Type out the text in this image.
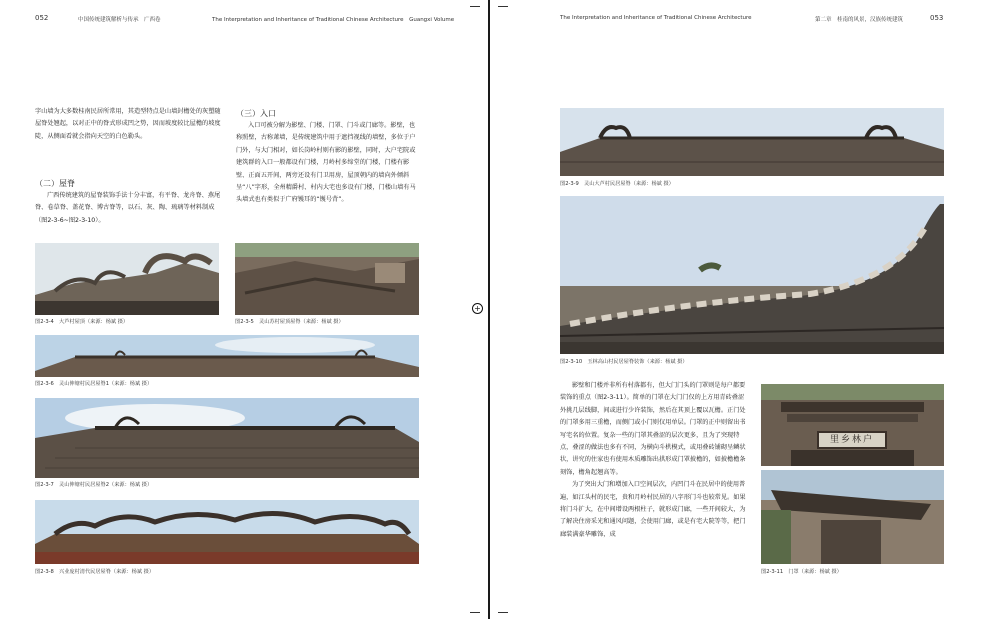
052	中国传统建筑解析与传承　广西卷	The Interpretation and Inheritance of Traditional Chinese Architecture　Guangxi Volume
字山墙为大多数桂南民居所常用，其造型特点是山墙封檐处的灰塑随屋脊处翘起，以对正中的脊式形成凹之势，因而坡度较比屋檐的坡度陡，从侧面看就会指向天空的白色勒头。
（二）屋脊

广西传统建筑的屋脊装饰手法十分丰富，有平脊、龙舟脊、燕尾脊、卷草脊、盖花脊、博古脊等，以石、灰、陶、琉璃等材料制成（图2-3-6~图2-3-10）。

（三）入口

入口可被分解为影壁、门楼、门罩、门斗或门廊等。影壁，也称照壁，古称萧墙，是传统建筑中用于遮挡视线的墙壁，多位于户门外，与大门相对，如长岗岭村则有影的影壁，同时，大户宅院或建筑群的入口一般都设有门楼，月岭村多缔堂的门楼，门楼有影壁、正面五开间，两旁还设有门卫用房，屋顶朝内的墙向外倾斜呈“八”字形，全州精爵村、村内大宅也多设有门楼，门楼山墙有马头墙式也有类似于广府镬耳的“镬号背”。

图2-3-4　大芦村屋顶（来源：杨斌 摄）	图2-3-5　灵山苏村屋顶屋脊（来源：杨斌 摄）
图2-3-6　灵山伸塘村民居屋脊1（来源：杨斌 摄）
图2-3-7　灵山伸塘村民居屋脊2（来源：杨斌 摄）
图2-3-8　兴业庞村清代民居屋脊（来源：杨斌 摄）
+
The Interpretation and Inheritance of Traditional Chinese Architecture	第二章　桂南的风景，汉族传统建筑	053
图2-3-9　灵山大芦村民居屋脊（来源：杨斌 摄）
图2-3-10　玉林高山村民居屋脊装饰（来源：杨斌 摄）

影壁和门楼并非所有村落都有，但大门门头的门罩则是每户都要装饰的重点（图2-3-11）。简单的门罩在大门门仅的上方用青砖叠涩外挑几层线脚，间或进行少许装饰，然后在其顶上覆以瓦檐。正门处的门罩多用三重檐，而侧门或小门则仅用单层。门罩的正中则留出书写宅名的位置。复杂一些的门罩其叠涩的层次更多，且为了突现特点，叠涩的做法也多有不同，为横向斗栱模式，或用叠砖铺砌呈鳞状状，讲究的住家也有使用木质雕饰出拱形成门罩披檐的，如披檐檐条刻饰，檐角起翘高等。

为了突出大门和增加入口空间层次，内凹门斗在民居中的使用普遍，如江头村的民宅，贵和月岭村民居的八字形门斗也较常见。如果将门斗扩大，在中间增设两根柱子，就形成门廊，一些开间较大，为了解决住房采光和通风问题，会使用门廊，或是有宅大院等等，把门廊装满豪华雕饰，成

里乡林户
图2-3-11　门罩（来源：杨斌 摄）
